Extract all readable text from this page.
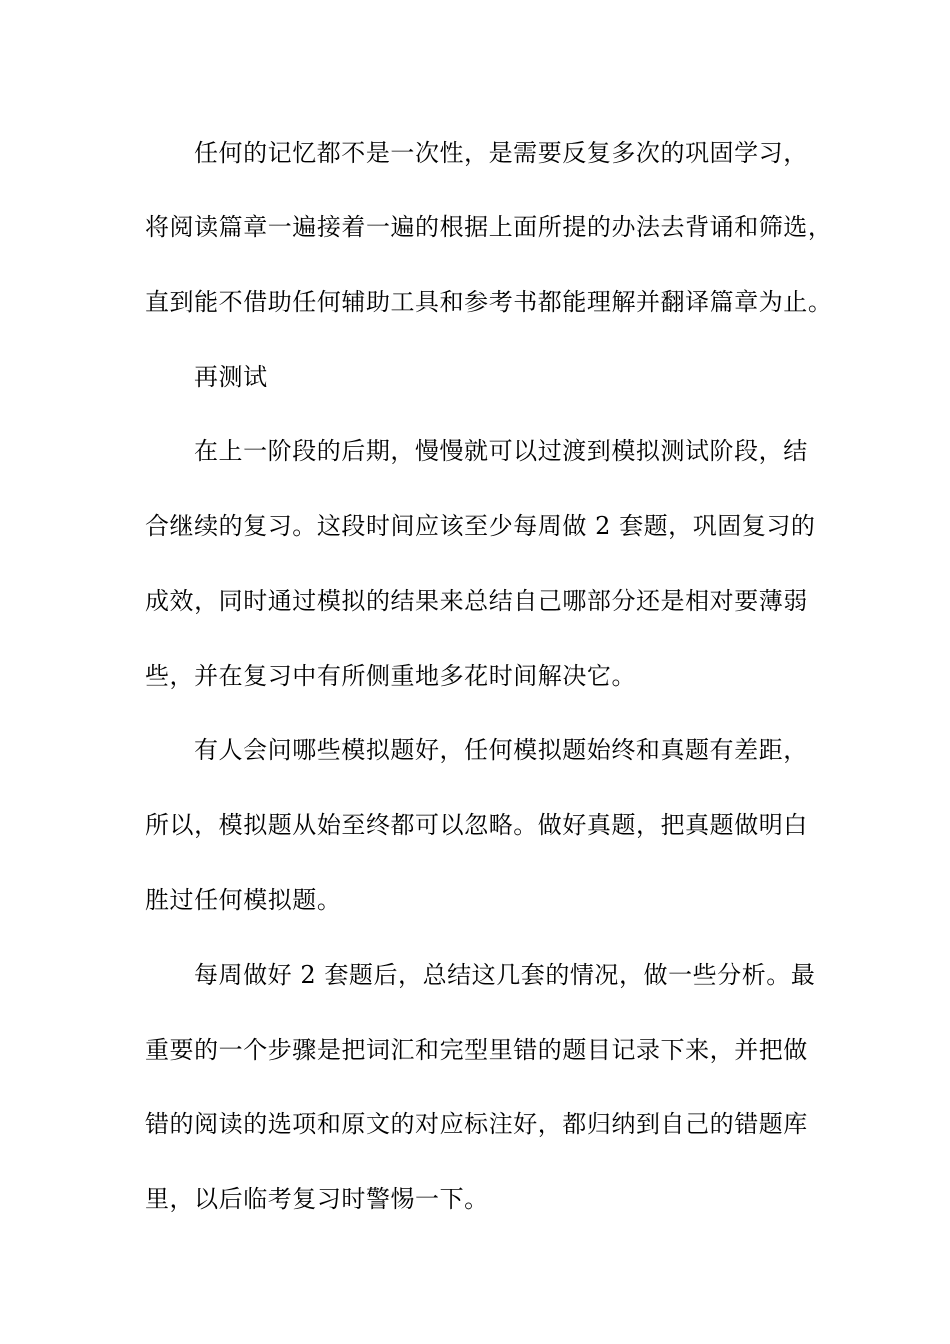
任何的记忆都不是一次性，是需要反复多次的巩固学习，
将阅读篇章一遍接着一遍的根据上面所提的办法去背诵和筛选，
直到能不借助任何辅助工具和参考书都能理解并翻译篇章为止。
再测试
在上一阶段的后期，慢慢就可以过渡到模拟测试阶段，结
合继续的复习。这段时间应该至少每周做 2 套题，巩固复习的
成效，同时通过模拟的结果来总结自己哪部分还是相对要薄弱
些，并在复习中有所侧重地多花时间解决它。
有人会问哪些模拟题好，任何模拟题始终和真题有差距，
所以，模拟题从始至终都可以忽略。做好真题，把真题做明白
胜过任何模拟题。
每周做好 2 套题后，总结这几套的情况，做一些分析。最
重要的一个步骤是把词汇和完型里错的题目记录下来，并把做
错的阅读的选项和原文的对应标注好，都归纳到自己的错题库
里，以后临考复习时警惕一下。
